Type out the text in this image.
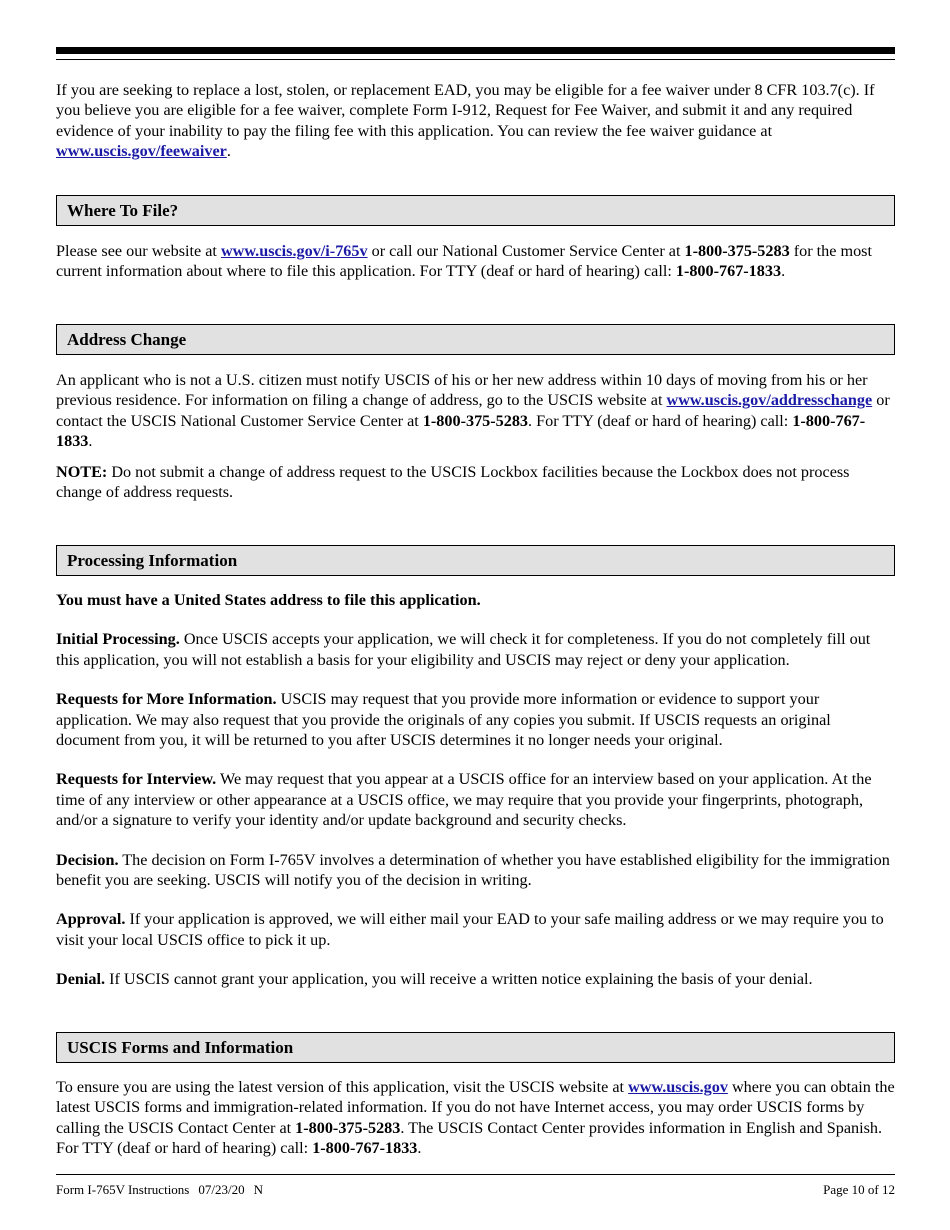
If you are seeking to replace a lost, stolen, or replacement EAD, you may be eligible for a fee waiver under 8 CFR 103.7(c). If you believe you are eligible for a fee waiver, complete Form I-912, Request for Fee Waiver, and submit it and any required evidence of your inability to pay the filing fee with this application. You can review the fee waiver guidance at www.uscis.gov/feewaiver.

Where To File?

Please see our website at www.uscis.gov/i-765v or call our National Customer Service Center at 1-800-375-5283 for the most current information about where to file this application. For TTY (deaf or hard of hearing) call: 1-800-767-1833.

Address Change

An applicant who is not a U.S. citizen must notify USCIS of his or her new address within 10 days of moving from his or her previous residence. For information on filing a change of address, go to the USCIS website at www.uscis.gov/addresschange or contact the USCIS National Customer Service Center at 1-800-375-5283. For TTY (deaf or hard of hearing) call: 1-800-767-1833.

NOTE: Do not submit a change of address request to the USCIS Lockbox facilities because the Lockbox does not process change of address requests.

Processing Information

You must have a United States address to file this application.

Initial Processing. Once USCIS accepts your application, we will check it for completeness. If you do not completely fill out this application, you will not establish a basis for your eligibility and USCIS may reject or deny your application.

Requests for More Information. USCIS may request that you provide more information or evidence to support your application. We may also request that you provide the originals of any copies you submit. If USCIS requests an original document from you, it will be returned to you after USCIS determines it no longer needs your original.

Requests for Interview. We may request that you appear at a USCIS office for an interview based on your application. At the time of any interview or other appearance at a USCIS office, we may require that you provide your fingerprints, photograph, and/or a signature to verify your identity and/or update background and security checks.

Decision. The decision on Form I-765V involves a determination of whether you have established eligibility for the immigration benefit you are seeking. USCIS will notify you of the decision in writing.

Approval. If your application is approved, we will either mail your EAD to your safe mailing address or we may require you to visit your local USCIS office to pick it up.

Denial. If USCIS cannot grant your application, you will receive a written notice explaining the basis of your denial.

USCIS Forms and Information

To ensure you are using the latest version of this application, visit the USCIS website at www.uscis.gov where you can obtain the latest USCIS forms and immigration-related information. If you do not have Internet access, you may order USCIS forms by calling the USCIS Contact Center at 1-800-375-5283. The USCIS Contact Center provides information in English and Spanish. For TTY (deaf or hard of hearing) call: 1-800-767-1833.

Form I-765V Instructions 07/23/20 N	Page 10 of 12
